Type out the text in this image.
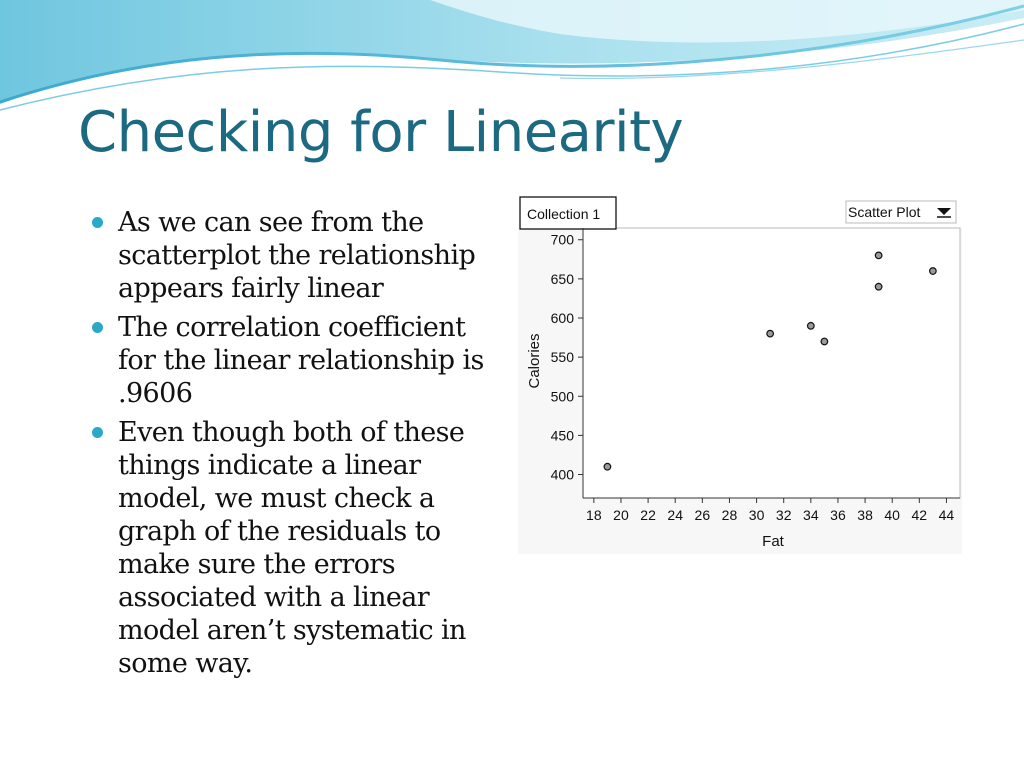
Checking for Linearity
As we can see from the scatterplot the relationship appears fairly linear
The correlation coefficient for the linear relationship is .9606
Even though both of these things indicate a linear model, we must check a graph of the residuals to make sure the errors associated with a linear model aren’t systematic in some way.
Collection 1	Scatter Plot
400
450
500
550
600
650
700
18 20 22 24 26 28 30 32 34 36 38 40 42 44
Fat
Calories
